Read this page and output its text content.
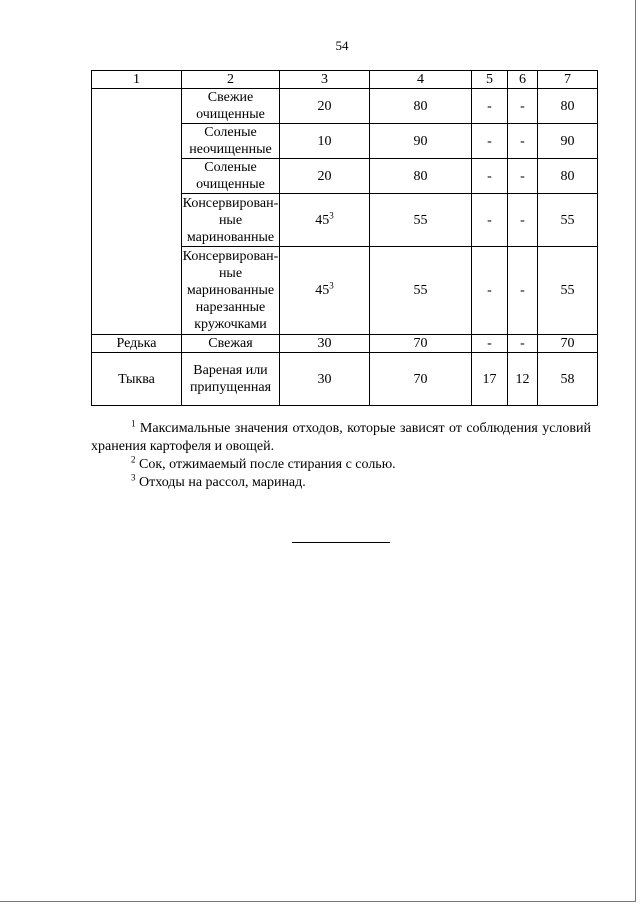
54
1	2	3	4	5	6	7
	Свежие очищенные	20	80	-	-	80
	Соленые неочищенные	10	90	-	-	90
	Соленые очищенные	20	80	-	-	80
	Консервирован-ные маринованные	$45^3$	55	-	-	55
	Консервирован-ные маринованные нарезанные кружочками	$45^3$	55	-	-	55
Редька	Свежая	30	70	-	-	70
Тыква	Вареная или припущенная	30	70	17	12	58
$^1$ Максимальные значения отходов, которые зависят от соблюдения условий хранения картофеля и овощей.
$^2$ Сок, отжимаемый после стирания с солью.
$^3$ Отходы на рассол, маринад.
